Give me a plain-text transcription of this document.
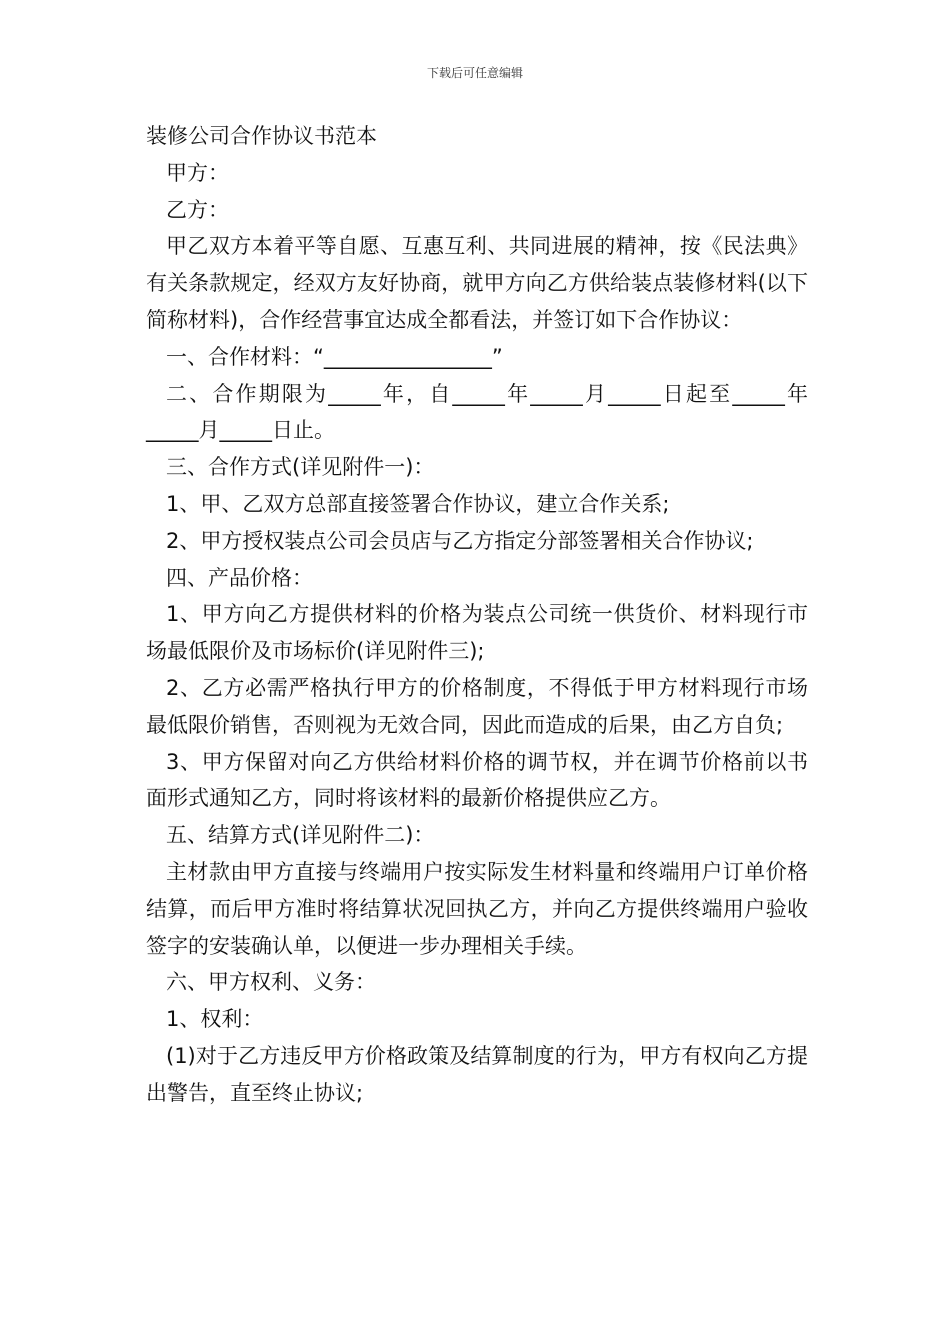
下载后可任意编辑

装修公司合作协议书范本

甲方：

乙方：

甲乙双方本着平等自愿、互惠互利、共同进展的精神，按《民法典》有关条款规定，经双方友好协商，就甲方向乙方供给装点装修材料(以下简称材料)，合作经营事宜达成全都看法，并签订如下合作协议：

一、合作材料：“________________”

二、合作期限为_____年，自_____年_____月_____日起至_____年_____月_____日止。

三、合作方式(详见附件一)：

1、甲、乙双方总部直接签署合作协议，建立合作关系;

2、甲方授权装点公司会员店与乙方指定分部签署相关合作协议;

四、产品价格：

1、甲方向乙方提供材料的价格为装点公司统一供货价、材料现行市场最低限价及市场标价(详见附件三);

2、乙方必需严格执行甲方的价格制度，不得低于甲方材料现行市场最低限价销售，否则视为无效合同，因此而造成的后果，由乙方自负;

3、甲方保留对向乙方供给材料价格的调节权，并在调节价格前以书面形式通知乙方，同时将该材料的最新价格提供应乙方。

五、结算方式(详见附件二)：

主材款由甲方直接与终端用户按实际发生材料量和终端用户订单价格结算，而后甲方准时将结算状况回执乙方，并向乙方提供终端用户验收签字的安装确认单，以便进一步办理相关手续。

六、甲方权利、义务：

1、权利：

(1)对于乙方违反甲方价格政策及结算制度的行为，甲方有权向乙方提出警告，直至终止协议;
